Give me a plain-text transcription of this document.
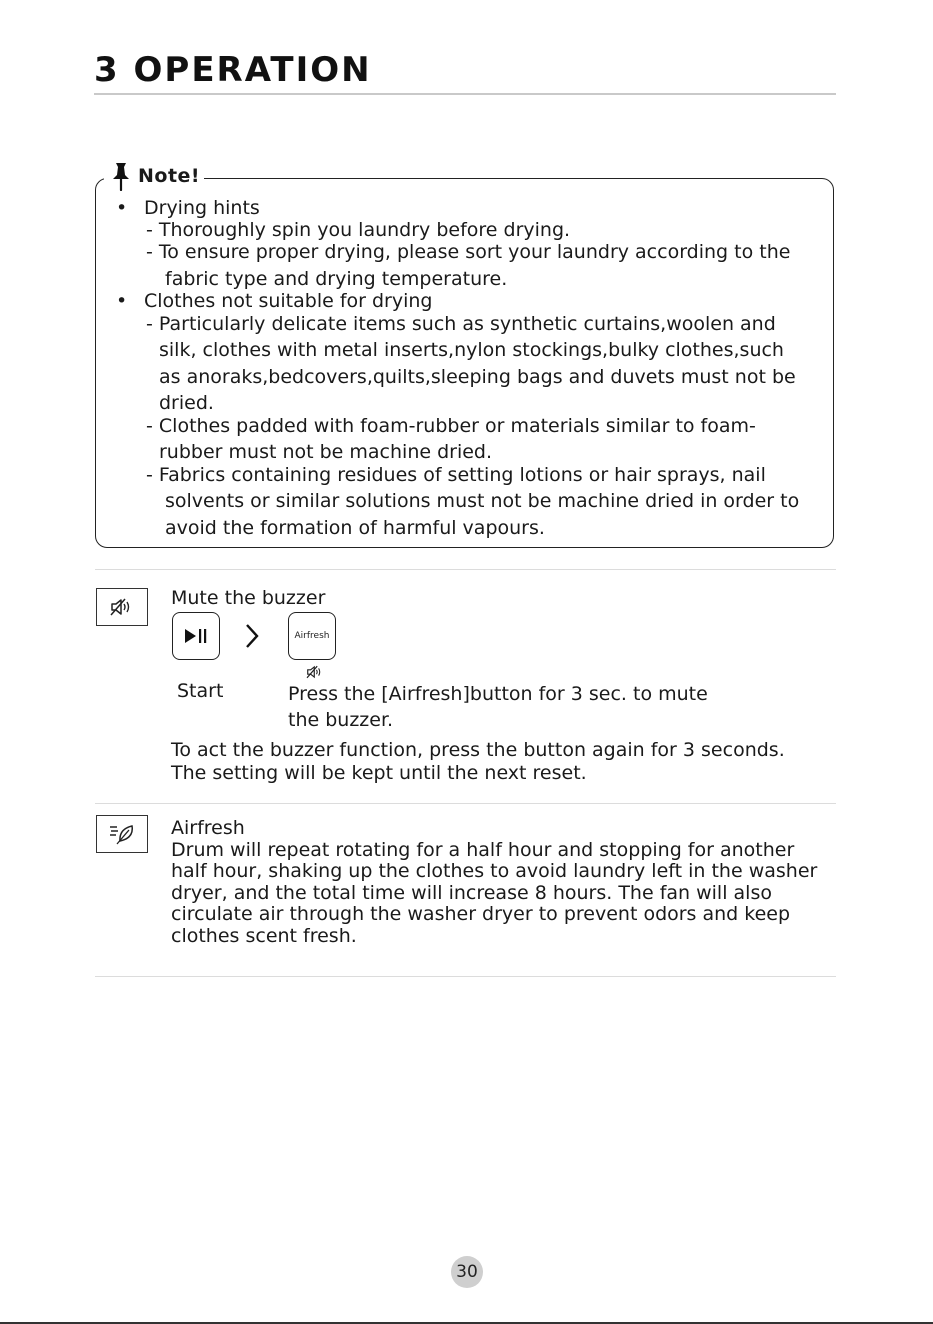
3 OPERATION
Note!
• Drying hints
- Thoroughly spin you laundry before drying.
- To ensure proper drying, please sort your laundry according to the
fabric type and drying temperature.
• Clothes not suitable for drying
- Particularly delicate items such as synthetic curtains,woolen and
silk, clothes with metal inserts,nylon stockings,bulky clothes,such
as anoraks,bedcovers,quilts,sleeping bags and duvets must not be
dried.
- Clothes padded with foam-rubber or materials similar to foam-
rubber must not be machine dried.
- Fabrics containing residues of setting lotions or hair sprays, nail
solvents or similar solutions must not be machine dried in order to
avoid the formation of harmful vapours.
Mute the buzzer
Airfresh
Start	Press the [Airfresh]button for 3 sec. to mute
the buzzer.
To act the buzzer function, press the button again for 3 seconds.
The setting will be kept until the next reset.
Airfresh
Drum will repeat rotating for a half hour and stopping for another
half hour, shaking up the clothes to avoid laundry left in the washer
dryer, and the total time will increase 8 hours. The fan will also
circulate air through the washer dryer to prevent odors and keep
clothes scent fresh.
30
